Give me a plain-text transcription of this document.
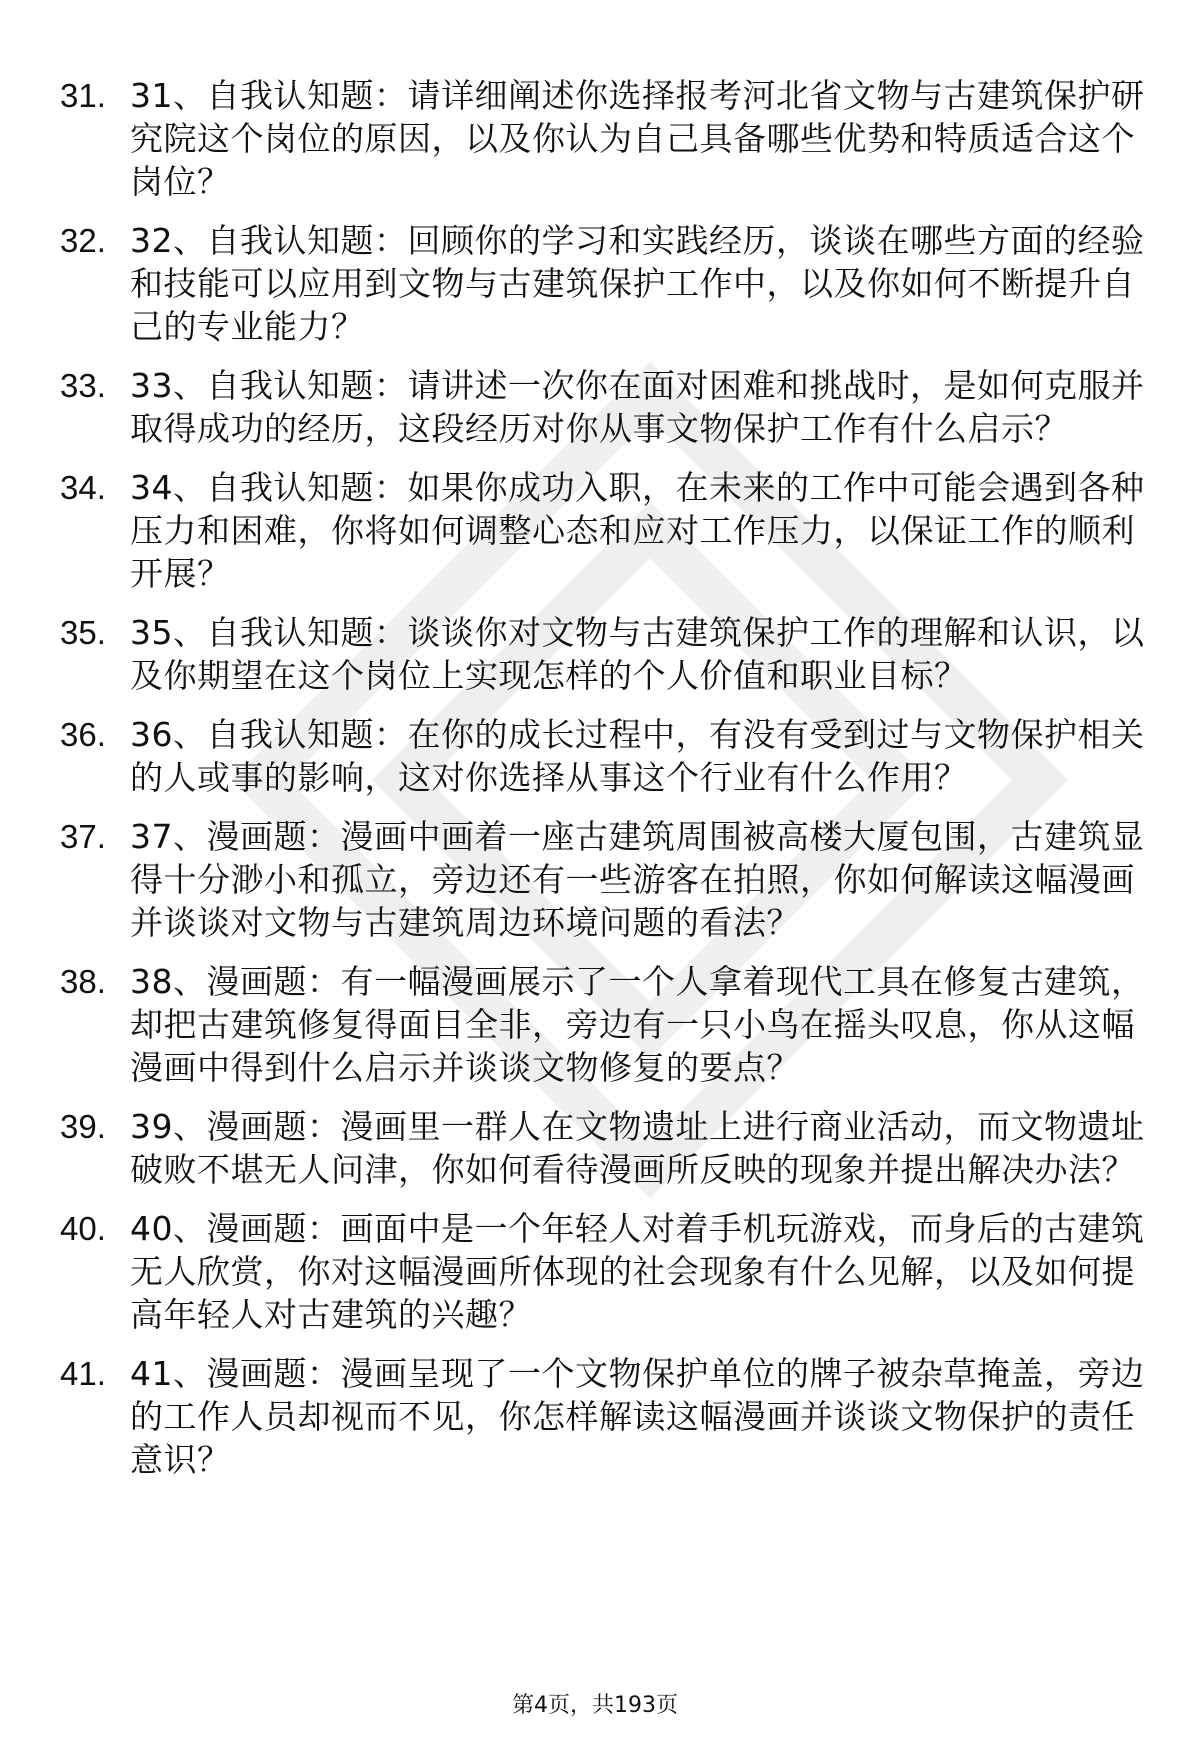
31. 31、自我认知题：请详细阐述你选择报考河北省文物与古建筑保护研究院这个岗位的原因，以及你认为自己具备哪些优势和特质适合这个岗位？
32. 32、自我认知题：回顾你的学习和实践经历，谈谈在哪些方面的经验和技能可以应用到文物与古建筑保护工作中，以及你如何不断提升自己的专业能力？
33. 33、自我认知题：请讲述一次你在面对困难和挑战时，是如何克服并取得成功的经历，这段经历对你从事文物保护工作有什么启示？
34. 34、自我认知题：如果你成功入职，在未来的工作中可能会遇到各种压力和困难，你将如何调整心态和应对工作压力，以保证工作的顺利开展？
35. 35、自我认知题：谈谈你对文物与古建筑保护工作的理解和认识，以及你期望在这个岗位上实现怎样的个人价值和职业目标？
36. 36、自我认知题：在你的成长过程中，有没有受到过与文物保护相关的人或事的影响，这对你选择从事这个行业有什么作用？
37. 37、漫画题：漫画中画着一座古建筑周围被高楼大厦包围，古建筑显得十分渺小和孤立，旁边还有一些游客在拍照，你如何解读这幅漫画并谈谈对文物与古建筑周边环境问题的看法？
38. 38、漫画题：有一幅漫画展示了一个人拿着现代工具在修复古建筑，却把古建筑修复得面目全非，旁边有一只小鸟在摇头叹息，你从这幅漫画中得到什么启示并谈谈文物修复的要点？
39. 39、漫画题：漫画里一群人在文物遗址上进行商业活动，而文物遗址破败不堪无人问津，你如何看待漫画所反映的现象并提出解决办法？
40. 40、漫画题：画面中是一个年轻人对着手机玩游戏，而身后的古建筑无人欣赏，你对这幅漫画所体现的社会现象有什么见解，以及如何提高年轻人对古建筑的兴趣？
41. 41、漫画题：漫画呈现了一个文物保护单位的牌子被杂草掩盖，旁边的工作人员却视而不见，你怎样解读这幅漫画并谈谈文物保护的责任意识？
第4页，共193页
